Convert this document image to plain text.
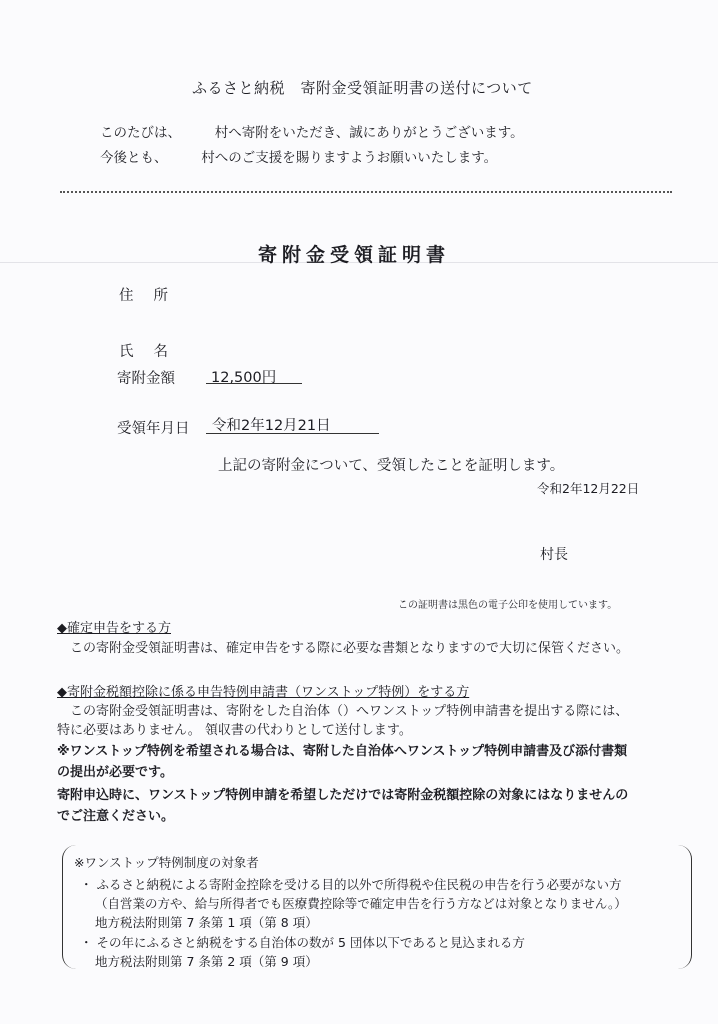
ふるさと納税　寄附金受領証明書の送付について
このたびは、　　　村へ寄附をいただき、誠にありがとうございます。
今後とも、　　　村へのご支援を賜りますようお願いいたします。
寄附金受領証明書
住所
氏名
寄附金額 12,500円
受領年月日 令和2年12月21日
上記の寄附金について、受領したことを証明します。
令和2年12月22日
村長
この証明書は黒色の電子公印を使用しています。
◆確定申告をする方
この寄附金受領証明書は、確定申告をする際に必要な書類となりますので大切に保管ください。
◆寄附金税額控除に係る申告特例申請書（ワンストップ特例）をする方
この寄附金受領証明書は、寄附をした自治体（）へワンストップ特例申請書を提出する際には、
特に必要はありません。 領収書の代わりとして送付します。
※ワンストップ特例を希望される場合は、寄附した自治体へワンストップ特例申請書及び添付書類
の提出が必要です。
寄附申込時に、ワンストップ特例申請を希望しただけでは寄附金税額控除の対象にはなりませんの
でご注意ください。
※ワンストップ特例制度の対象者
・ ふるさと納税による寄附金控除を受ける目的以外で所得税や住民税の申告を行う必要がない方
（自営業の方や、給与所得者でも医療費控除等で確定申告を行う方などは対象となりません。）
地方税法附則第 7 条第 1 項（第 8 項）
・ その年にふるさと納税をする自治体の数が 5 団体以下であると見込まれる方
地方税法附則第 7 条第 2 項（第 9 項）
